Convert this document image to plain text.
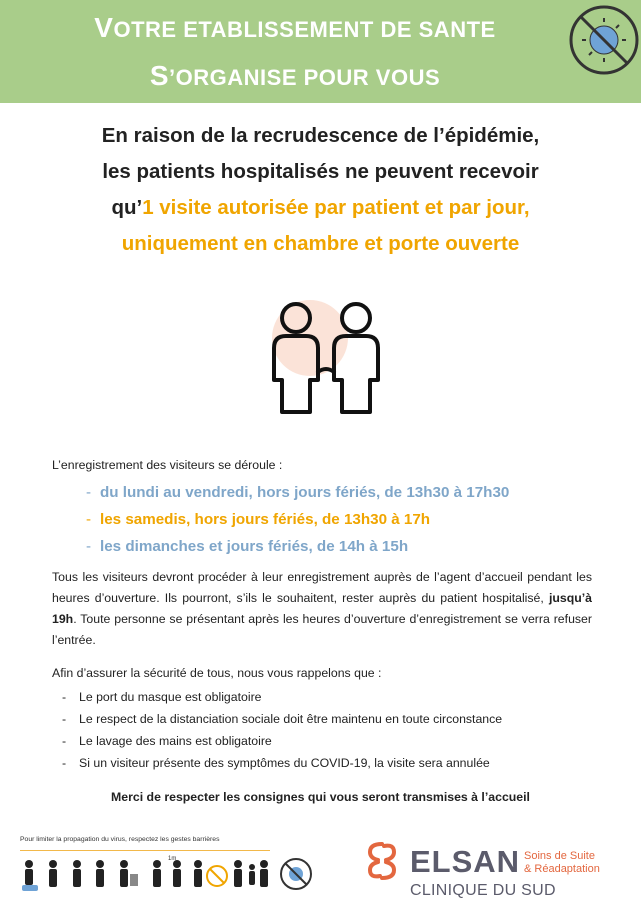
VOTRE ETABLISSEMENT DE SANTE
S’ORGANISE POUR VOUS
En raison de la recrudescence de l’épidémie,
les patients hospitalisés ne peuvent recevoir
qu’1 visite autorisée par patient et par jour,
uniquement en chambre et porte ouverte
L’enregistrement des visiteurs se déroule :
- du lundi au vendredi, hors jours fériés, de 13h30 à 17h30
- les samedis, hors jours fériés, de 13h30 à 17h
- les dimanches et jours fériés, de 14h à 15h
Tous les visiteurs devront procéder à leur enregistrement auprès de l’agent d’accueil pendant les heures d’ouverture. Ils pourront, s’ils le souhaitent, rester auprès du patient hospitalisé, jusqu’à 19h. Toute personne se présentant après les heures d’ouverture d’enregistrement se verra refuser l’entrée.
Afin d’assurer la sécurité de tous, nous vous rappelons que :
- Le port du masque est obligatoire
- Le respect de la distanciation sociale doit être maintenu en toute circonstance
- Le lavage des mains est obligatoire
- Si un visiteur présente des symptômes du COVID-19, la visite sera annulée
Merci de respecter les consignes qui vous seront transmises à l’accueil
Pour limiter la propagation du virus, respectez les gestes barrières
1m	ELSAN Soins de Suite
& Réadaptation
CLINIQUE DU SUD
